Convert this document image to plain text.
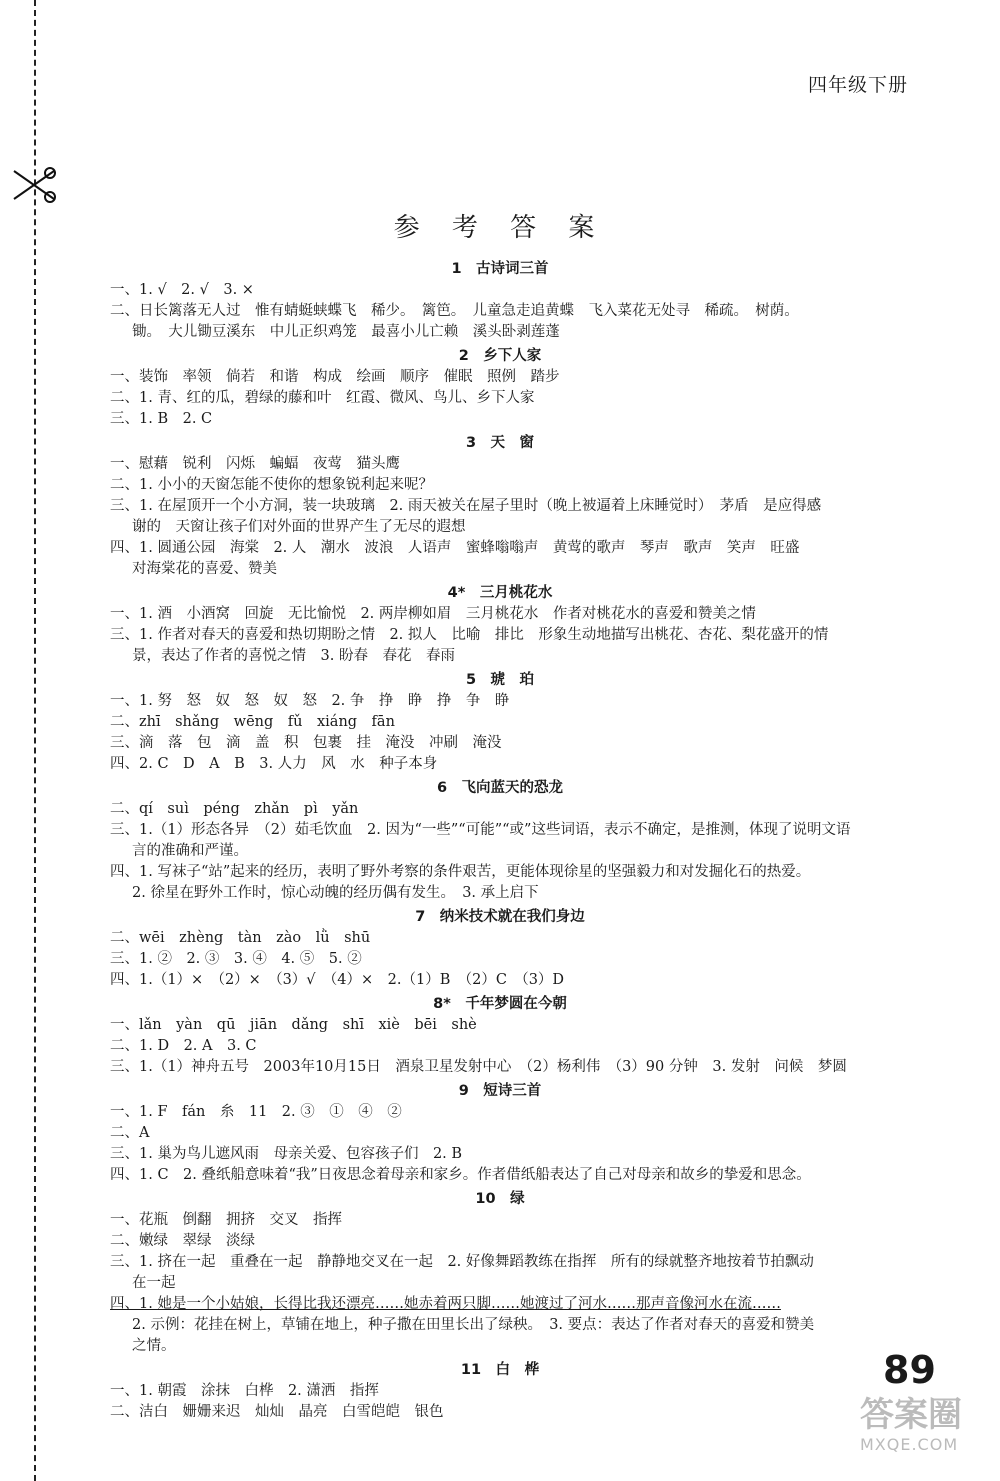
四年级下册
参 考 答 案
1　古诗词三首
一、1. √　2. √　3. ×
二、日长篱落无人过　惟有蜻蜓蛱蝶飞　稀少。　篱笆。　儿童急走追黄蝶　飞入菜花无处寻　稀疏。　树荫。
锄。　大儿锄豆溪东　中儿正织鸡笼　最喜小儿亡赖　溪头卧剥莲蓬
2　乡下人家
一、装饰　率领　倘若　和谐　构成　绘画　顺序　催眠　照例　踏步
二、1. 青、红的瓜，碧绿的藤和叶　红霞、微风、鸟儿、乡下人家
三、1. B　2. C
3　天　窗
一、慰藉　锐利　闪烁　蝙蝠　夜莺　猫头鹰
二、1. 小小的天窗怎能不使你的想象锐利起来呢？
三、1. 在屋顶开一个小方洞，装一块玻璃　2. 雨天被关在屋子里时（晚上被逼着上床睡觉时）　茅盾　是应得感
谢的　天窗让孩子们对外面的世界产生了无尽的遐想
四、1. 圆通公园　海棠　2. 人　潮水　波浪　人语声　蜜蜂嗡嗡声　黄莺的歌声　琴声　歌声　笑声　旺盛
对海棠花的喜爱、赞美
4*　三月桃花水
一、1. 酒　小酒窝　回旋　无比愉悦　2. 两岸柳如眉　三月桃花水　作者对桃花水的喜爱和赞美之情
三、1. 作者对春天的喜爱和热切期盼之情　2. 拟人　比喻　排比　形象生动地描写出桃花、杏花、梨花盛开的情
景，表达了作者的喜悦之情　3. 盼春　春花　春雨
5　琥　珀
一、1. 努　怒　奴　怒　奴　怒　2. 争　挣　睁　挣　争　睁
二、zhī　shǎng　wēng　fǔ　xiáng　fān
三、滴　落　包　滴　盖　积　包裹　挂　淹没　冲刷　淹没
四、2. C　D　A　B　3. 人力　风　水　种子本身
6　飞向蓝天的恐龙
二、qí　suì　péng　zhǎn　pì　yǎn
三、1.（1）形态各异　（2）茹毛饮血　2. 因为“一些”“可能”“或”这些词语，表示不确定，是推测，体现了说明文语
言的准确和严谨。
四、1. 写袜子“站”起来的经历，表明了野外考察的条件艰苦，更能体现徐星的坚强毅力和对发掘化石的热爱。
2. 徐星在野外工作时，惊心动魄的经历偶有发生。　3. 承上启下
7　纳米技术就在我们身边
二、wēi　zhèng　tàn　zào　lǜ　shū
三、1. ②　2. ③　3. ④　4. ⑤　5. ②
四、1.（1）×　（2）×　（3）√　（4）×　2.（1）B　（2）C　（3）D
8*　千年梦圆在今朝
一、lǎn　yàn　qū　jiān　dǎng　shī　xiè　bēi　shè
二、1. D　2. A　3. C
三、1.（1）神舟五号　2003年10月15日　酒泉卫星发射中心　（2）杨利伟　（3）90 分钟　3. 发射　问候　梦圆
9　短诗三首
一、1. F　fán　糸　11　2. ③　①　④　②
二、A
三、1. 巢为鸟儿遮风雨　母亲关爱、包容孩子们　2. B
四、1. C　2. 叠纸船意味着“我”日夜思念着母亲和家乡。作者借纸船表达了自己对母亲和故乡的挚爱和思念。
10　绿
一、花瓶　倒翻　拥挤　交叉　指挥
二、嫩绿　翠绿　淡绿
三、1. 挤在一起　重叠在一起　静静地交叉在一起　2. 好像舞蹈教练在指挥　所有的绿就整齐地按着节拍飘动
在一起
四、1. 她是一个小姑娘，长得比我还漂亮……她赤着两只脚……她渡过了河水……那声音像河水在流……
2. 示例：花挂在树上，草铺在地上，种子撒在田里长出了绿秧。　3. 要点：表达了作者对春天的喜爱和赞美
之情。
11　白　桦
一、1. 朝霞　涂抹　白桦　2. 潇洒　指挥
二、洁白　姗姗来迟　灿灿　晶亮　白雪皑皑　银色
89
答案圈
MXQE.COM
